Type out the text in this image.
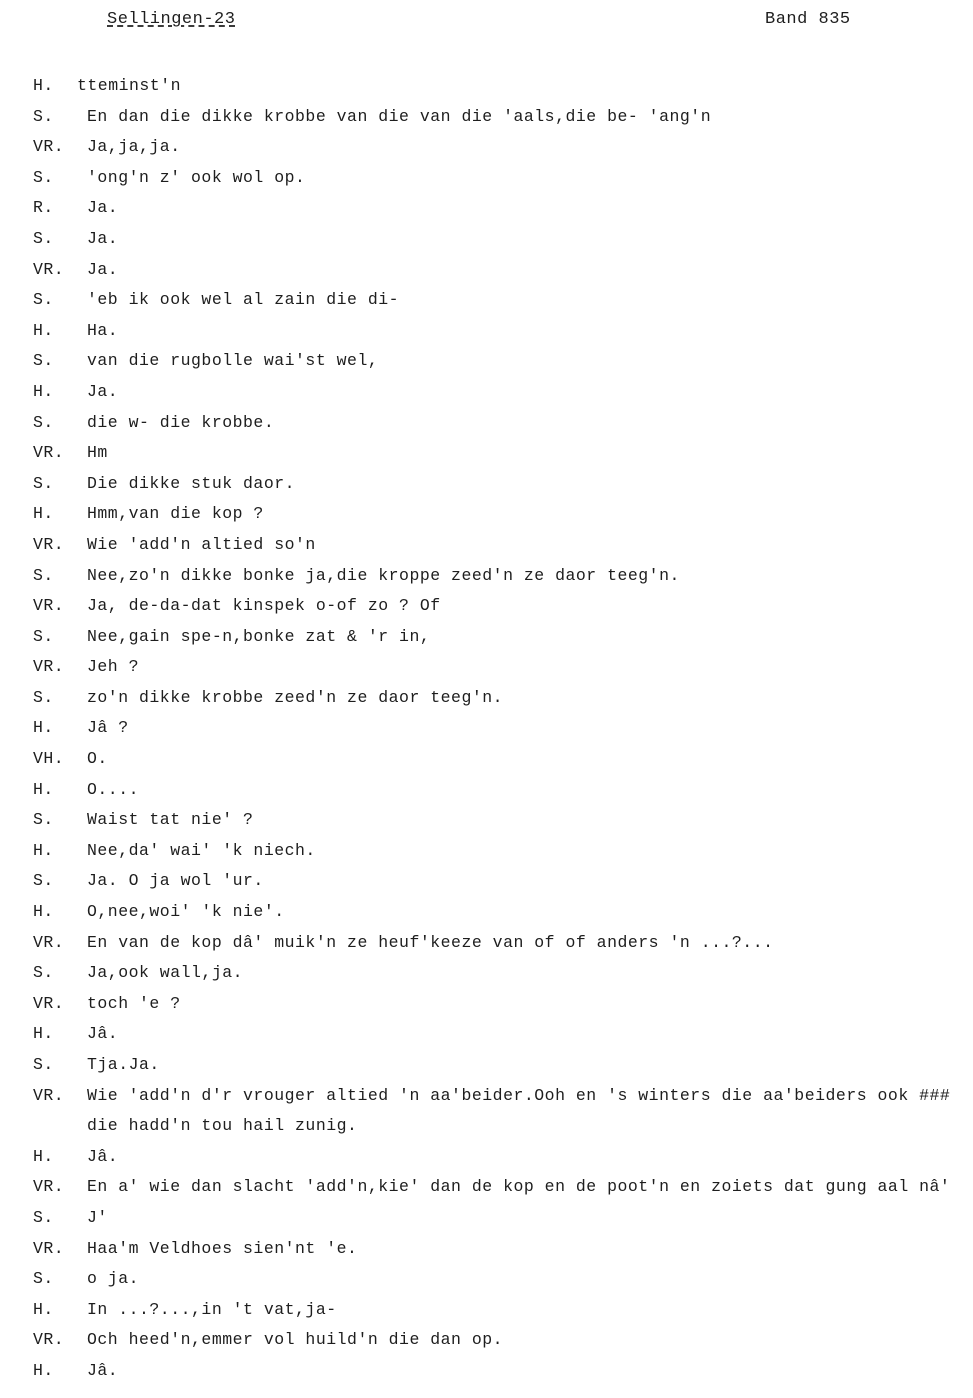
Sellingen-23	Band 835
H.	tteminst'n
S.	En dan die dikke krobbe van die van die 'aals,die be- 'ang'n
VR.	Ja,ja,ja.
S.	'ong'n z' ook wol op.
R.	Ja.
S.	Ja.
VR.	Ja.
S.	'eb ik ook wel al zain die di-
H.	Ha.
S.	van die rugbolle wai'st wel,
H.	Ja.
S.	die w- die krobbe.
VR.	Hm
S.	Die dikke stuk daor.
H.	Hmm,van die kop ?
VR.	Wie 'add'n altied so'n
S.	Nee,zo'n dikke bonke ja,die kroppe zeed'n ze daor teeg'n.
VR.	Ja, de-da-dat kinspek o-of zo ? Of
S.	Nee,gain spe-n,bonke zat & 'r in,
VR.	Jeh ?
S.	zo'n dikke krobbe zeed'n ze daor teeg'n.
H.	Jâ ?
VH.	O.
H.	O....
S.	Waist tat nie' ?
H.	Nee,da' wai' 'k niech.
S.	Ja. O ja wol 'ur.
H.	O,nee,woi' 'k nie'.
VR.	En van de kop dâ' muik'n ze heuf'keeze van of of anders 'n ...?...
S.	Ja,ook wall,ja.
VR.	toch 'e ?
H.	Jâ.
S.	Tja.Ja.
VR.	Wie 'add'n d'r vrouger altied 'n aa'beider.Ooh en 's winters die aa'beiders ook ###
die hadd'n tou hail zunig.
H.	Jâ.
VR.	En a' wie dan slacht 'add'n,kie' dan de kop en de poot'n en zoiets dat gung aal nâ'
S.	J'
VR.	Haa'm Veldhoes sien'nt 'e.
S.	o ja.
H.	In ...?...,in 't vat,ja-
VR.	Och heed'n,emmer vol huild'n die dan op.
H.	Jâ.
